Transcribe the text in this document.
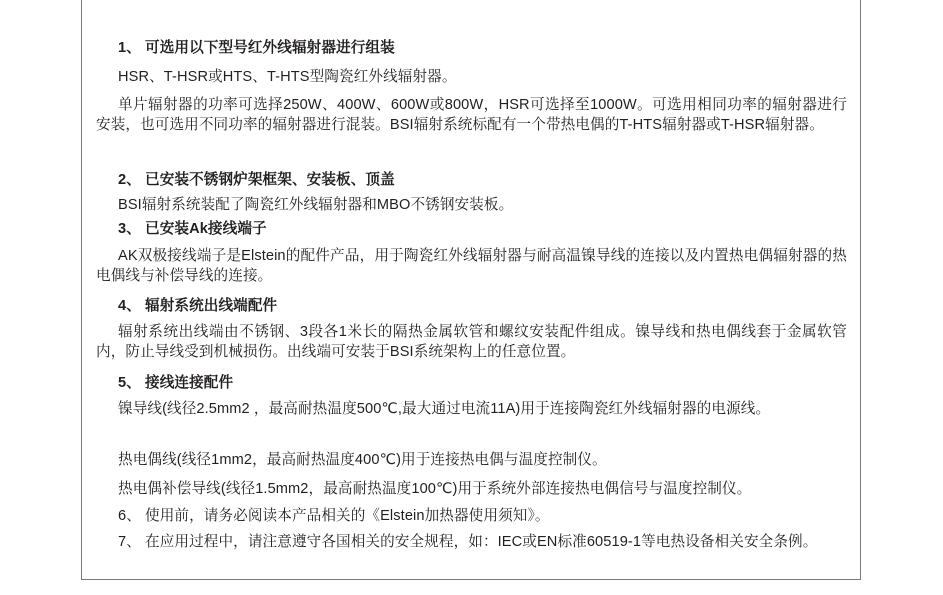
1、 可选用以下型号红外线辐射器进行组装
HSR、T-HSR或HTS、T-HTS型陶瓷红外线辐射器。
单片辐射器的功率可选择250W、400W、600W或800W，HSR可选择至1000W。可选用相同功率的辐射器进行安装，也可选用不同功率的辐射器进行混装。BSI辐射系统标配有一个带热电偶的T-HTS辐射器或T-HSR辐射器。
2、 已安装不锈钢炉架框架、安装板、顶盖
BSI辐射系统装配了陶瓷红外线辐射器和MBO不锈钢安装板。
3、 已安装Ak接线端子
AK双极接线端子是Elstein的配件产品，用于陶瓷红外线辐射器与耐高温镍导线的连接以及内置热电偶辐射器的热电偶线与补偿导线的连接。
4、 辐射系统出线端配件
辐射系统出线端由不锈钢、3段各1米长的隔热金属软管和螺纹安装配件组成。镍导线和热电偶线套于金属软管内，防止导线受到机械损伤。出线端可安装于BSI系统架构上的任意位置。
5、 接线连接配件
镍导线(线径2.5mm2 ，最高耐热温度500℃,最大通过电流11A)用于连接陶瓷红外线辐射器的电源线。
热电偶线(线径1mm2，最高耐热温度400℃)用于连接热电偶与温度控制仪。
热电偶补偿导线(线径1.5mm2，最高耐热温度100℃)用于系统外部连接热电偶信号与温度控制仪。
6、 使用前，请务必阅读本产品相关的《Elstein加热器使用须知》。
7、 在应用过程中，请注意遵守各国相关的安全规程，如：IEC或EN标准60519-1等电热设备相关安全条例。
